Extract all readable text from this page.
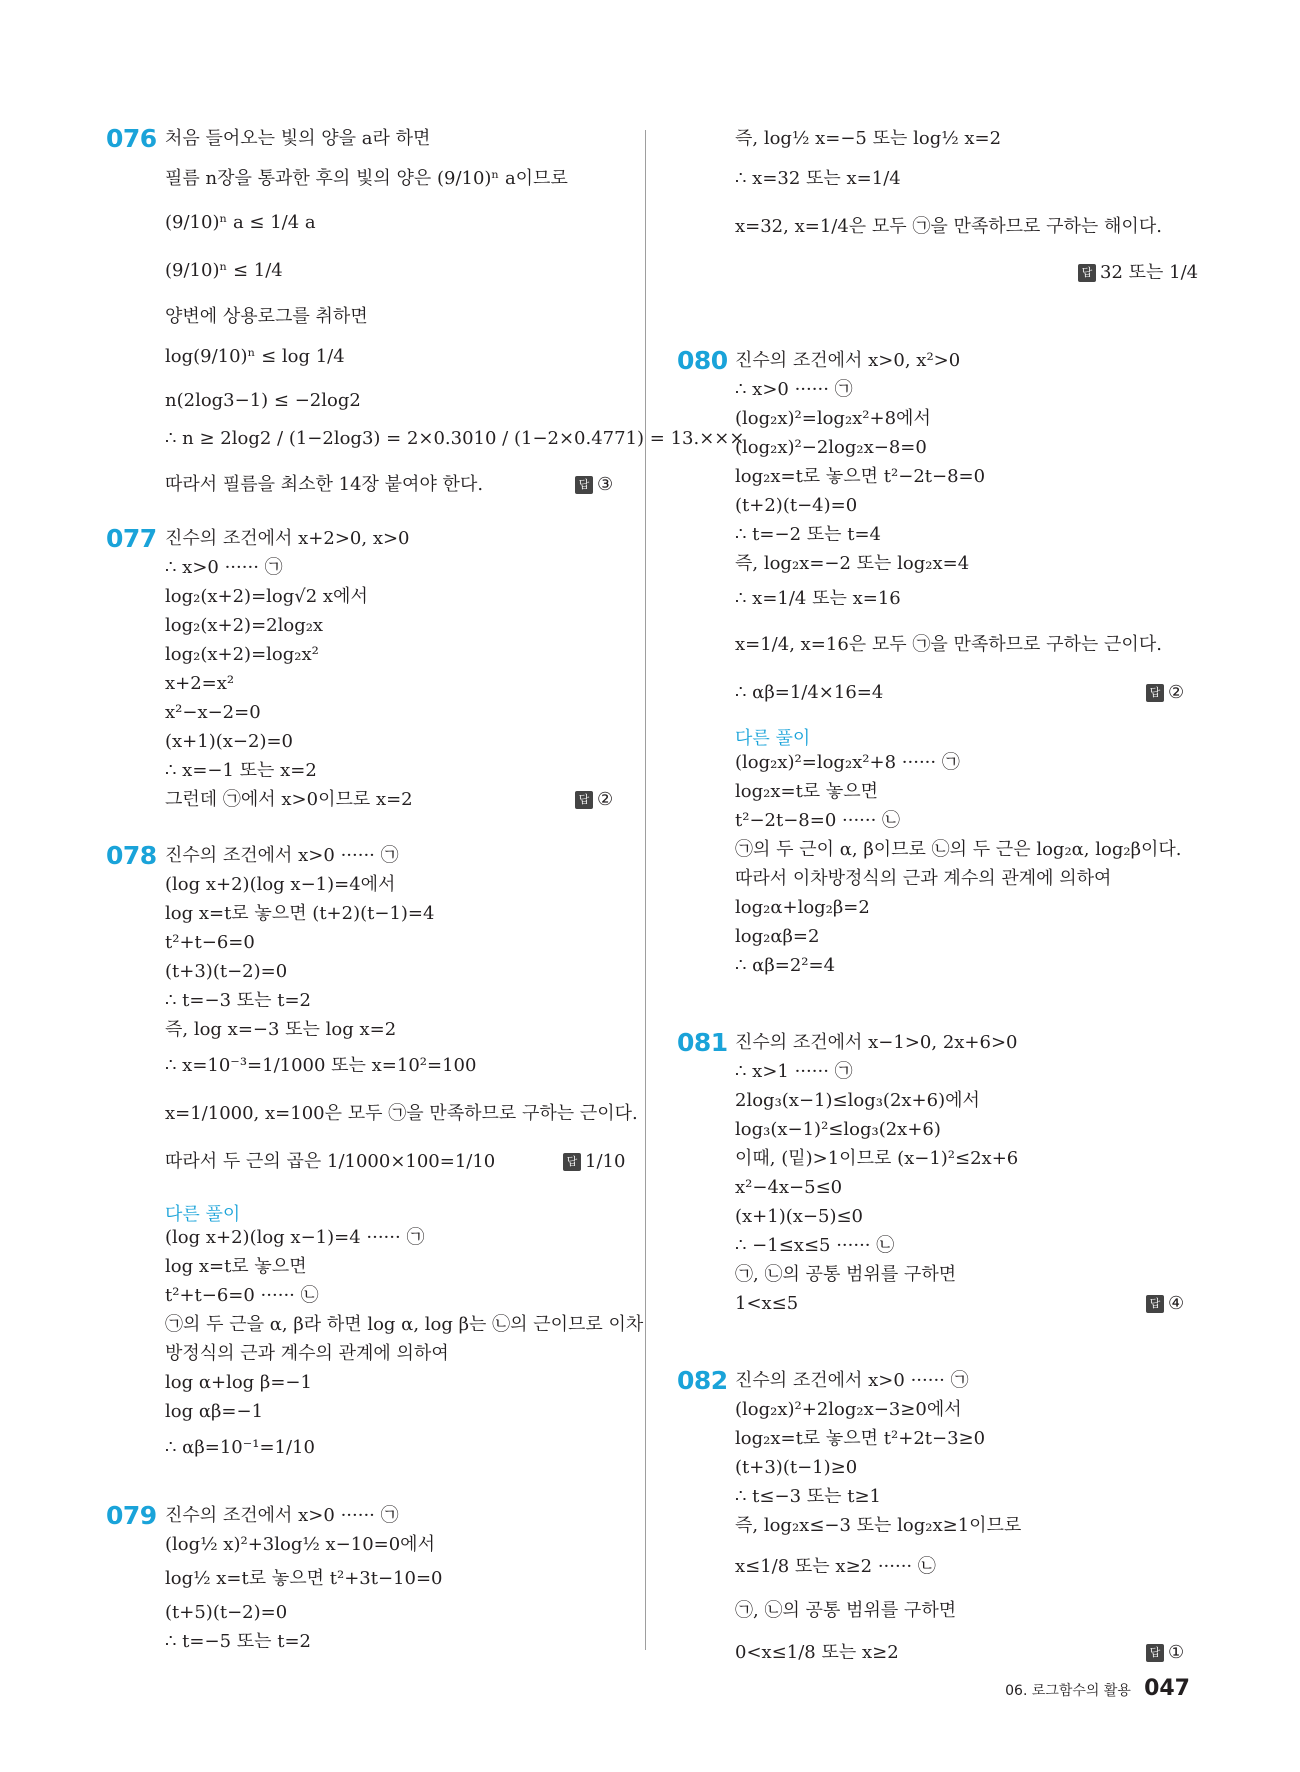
076 처음 들어오는 빛의 양을 a라 하면
필름 n장을 통과한 후의 빛의 양은 (9/10)ⁿ a이므로
(9/10)ⁿ a ≤ 1/4 a
(9/10)ⁿ ≤ 1/4
양변에 상용로그를 취하면
log(9/10)ⁿ ≤ log 1/4
n(2log3−1) ≤ −2log2
∴ n ≥ 2log2 / (1−2log3) = 2×0.3010 / (1−2×0.4771) = 13.×××
따라서 필름을 최소한 14장 붙여야 한다.	답 ③
077 진수의 조건에서 x+2>0, x>0
∴ x>0 ······ ㉠
log₂(x+2)=log√2 x에서
log₂(x+2)=2log₂x
log₂(x+2)=log₂x²
x+2=x²
x²−x−2=0
(x+1)(x−2)=0
∴ x=−1 또는 x=2
그런데 ㉠에서 x>0이므로 x=2	답 ②
078 진수의 조건에서 x>0 ······ ㉠
(log x+2)(log x−1)=4에서
log x=t로 놓으면 (t+2)(t−1)=4
t²+t−6=0
(t+3)(t−2)=0
∴ t=−3 또는 t=2
즉, log x=−3 또는 log x=2
∴ x=10⁻³=1/1000 또는 x=10²=100
x=1/1000, x=100은 모두 ㉠을 만족하므로 구하는 근이다.
따라서 두 근의 곱은 1/1000×100=1/10	답 1/10
다른 풀이
(log x+2)(log x−1)=4 ······ ㉠
log x=t로 놓으면
t²+t−6=0 ······ ㉡
㉠의 두 근을 α, β라 하면 log α, log β는 ㉡의 근이므로 이차
방정식의 근과 계수의 관계에 의하여
log α+log β=−1
log αβ=−1
∴ αβ=10⁻¹=1/10
079 진수의 조건에서 x>0 ······ ㉠
(log½ x)²+3log½ x−10=0에서
log½ x=t로 놓으면 t²+3t−10=0
(t+5)(t−2)=0
∴ t=−5 또는 t=2
즉, log½ x=−5 또는 log½ x=2
∴ x=32 또는 x=1/4
x=32, x=1/4은 모두 ㉠을 만족하므로 구하는 해이다.
답 32 또는 1/4
080 진수의 조건에서 x>0, x²>0
∴ x>0 ······ ㉠
(log₂x)²=log₂x²+8에서
(log₂x)²−2log₂x−8=0
log₂x=t로 놓으면 t²−2t−8=0
(t+2)(t−4)=0
∴ t=−2 또는 t=4
즉, log₂x=−2 또는 log₂x=4
∴ x=1/4 또는 x=16
x=1/4, x=16은 모두 ㉠을 만족하므로 구하는 근이다.
∴ αβ=1/4×16=4	답 ②
다른 풀이
(log₂x)²=log₂x²+8 ······ ㉠
log₂x=t로 놓으면
t²−2t−8=0 ······ ㉡
㉠의 두 근이 α, β이므로 ㉡의 두 근은 log₂α, log₂β이다.
따라서 이차방정식의 근과 계수의 관계에 의하여
log₂α+log₂β=2
log₂αβ=2
∴ αβ=2²=4
081 진수의 조건에서 x−1>0, 2x+6>0
∴ x>1 ······ ㉠
2log₃(x−1)≤log₃(2x+6)에서
log₃(x−1)²≤log₃(2x+6)
이때, (밑)>1이므로 (x−1)²≤2x+6
x²−4x−5≤0
(x+1)(x−5)≤0
∴ −1≤x≤5 ······ ㉡
㉠, ㉡의 공통 범위를 구하면
1<x≤5	답 ④
082 진수의 조건에서 x>0 ······ ㉠
(log₂x)²+2log₂x−3≥0에서
log₂x=t로 놓으면 t²+2t−3≥0
(t+3)(t−1)≥0
∴ t≤−3 또는 t≥1
즉, log₂x≤−3 또는 log₂x≥1이므로
x≤1/8 또는 x≥2 ······ ㉡
㉠, ㉡의 공통 범위를 구하면
0<x≤1/8 또는 x≥2	답 ①
06. 로그함수의 활용 047
